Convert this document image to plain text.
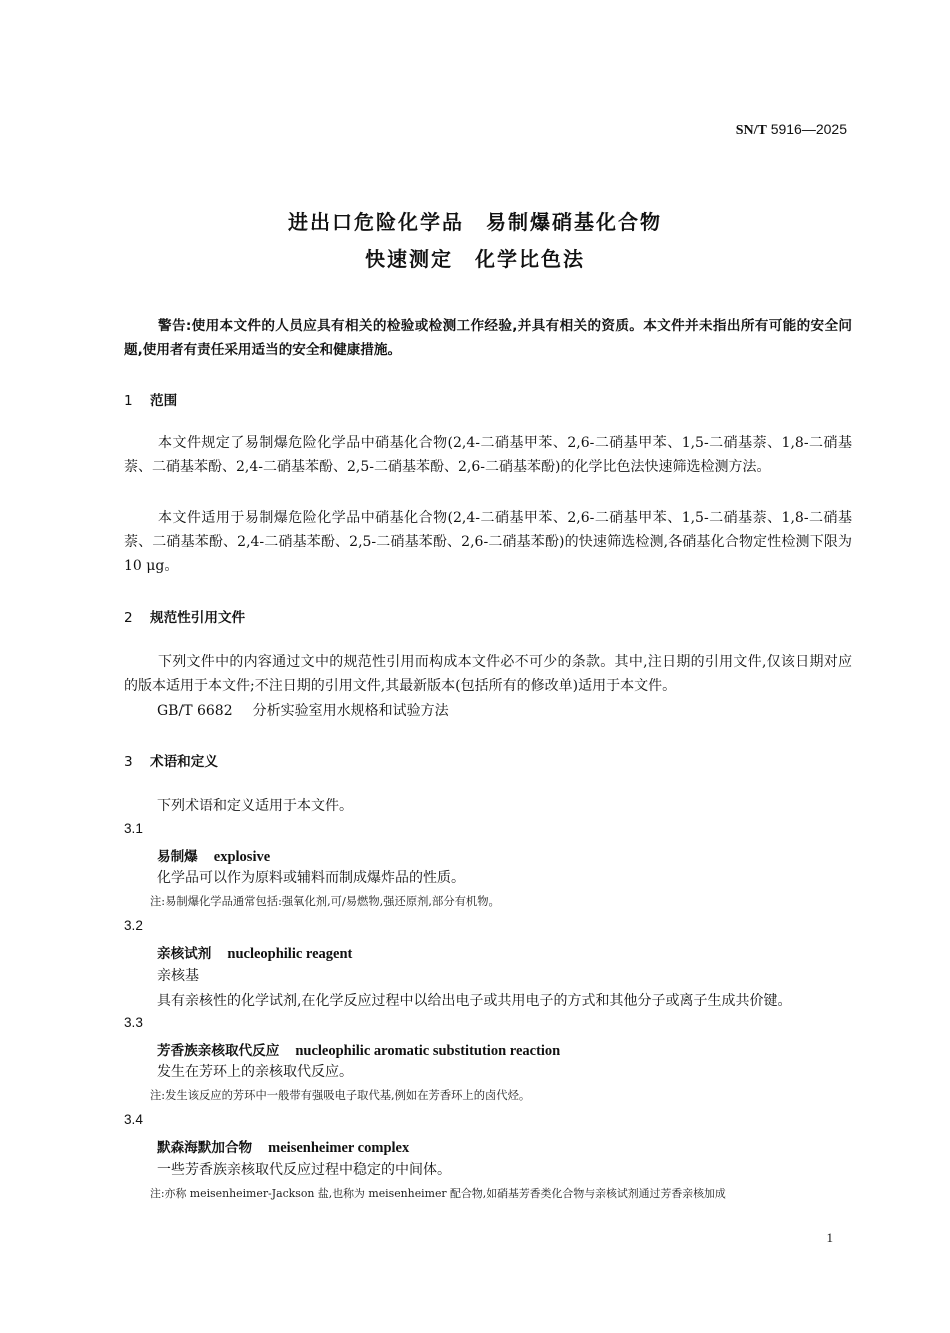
SN/T 5916—2025
进出口危险化学品 易制爆硝基化合物
快速测定 化学比色法
警告:使用本文件的人员应具有相关的检验或检测工作经验,并具有相关的资质。本文件并未指出所有可能的安全问题,使用者有责任采用适当的安全和健康措施。
1 范围
本文件规定了易制爆危险化学品中硝基化合物(2,4-二硝基甲苯、2,6-二硝基甲苯、1,5-二硝基萘、1,8-二硝基萘、二硝基苯酚、2,4-二硝基苯酚、2,5-二硝基苯酚、2,6-二硝基苯酚)的化学比色法快速筛选检测方法。
本文件适用于易制爆危险化学品中硝基化合物(2,4-二硝基甲苯、2,6-二硝基甲苯、1,5-二硝基萘、1,8-二硝基萘、二硝基苯酚、2,4-二硝基苯酚、2,5-二硝基苯酚、2,6-二硝基苯酚)的快速筛选检测,各硝基化合物定性检测下限为 10 μg。
2 规范性引用文件
下列文件中的内容通过文中的规范性引用而构成本文件必不可少的条款。其中,注日期的引用文件,仅该日期对应的版本适用于本文件;不注日期的引用文件,其最新版本(包括所有的修改单)适用于本文件。
GB/T 6682 分析实验室用水规格和试验方法
3 术语和定义
下列术语和定义适用于本文件。
3.1
易制爆 explosive
化学品可以作为原料或辅料而制成爆炸品的性质。
注:易制爆化学品通常包括:强氧化剂,可/易燃物,强还原剂,部分有机物。
3.2
亲核试剂 nucleophilic reagent
亲核基
具有亲核性的化学试剂,在化学反应过程中以给出电子或共用电子的方式和其他分子或离子生成共价键。
3.3
芳香族亲核取代反应 nucleophilic aromatic substitution reaction
发生在芳环上的亲核取代反应。
注:发生该反应的芳环中一般带有强吸电子取代基,例如在芳香环上的卤代烃。
3.4
默森海默加合物 meisenheimer complex
一些芳香族亲核取代反应过程中稳定的中间体。
注:亦称 meisenheimer-Jackson 盐,也称为 meisenheimer 配合物,如硝基芳香类化合物与亲核试剂通过芳香亲核加成
1
